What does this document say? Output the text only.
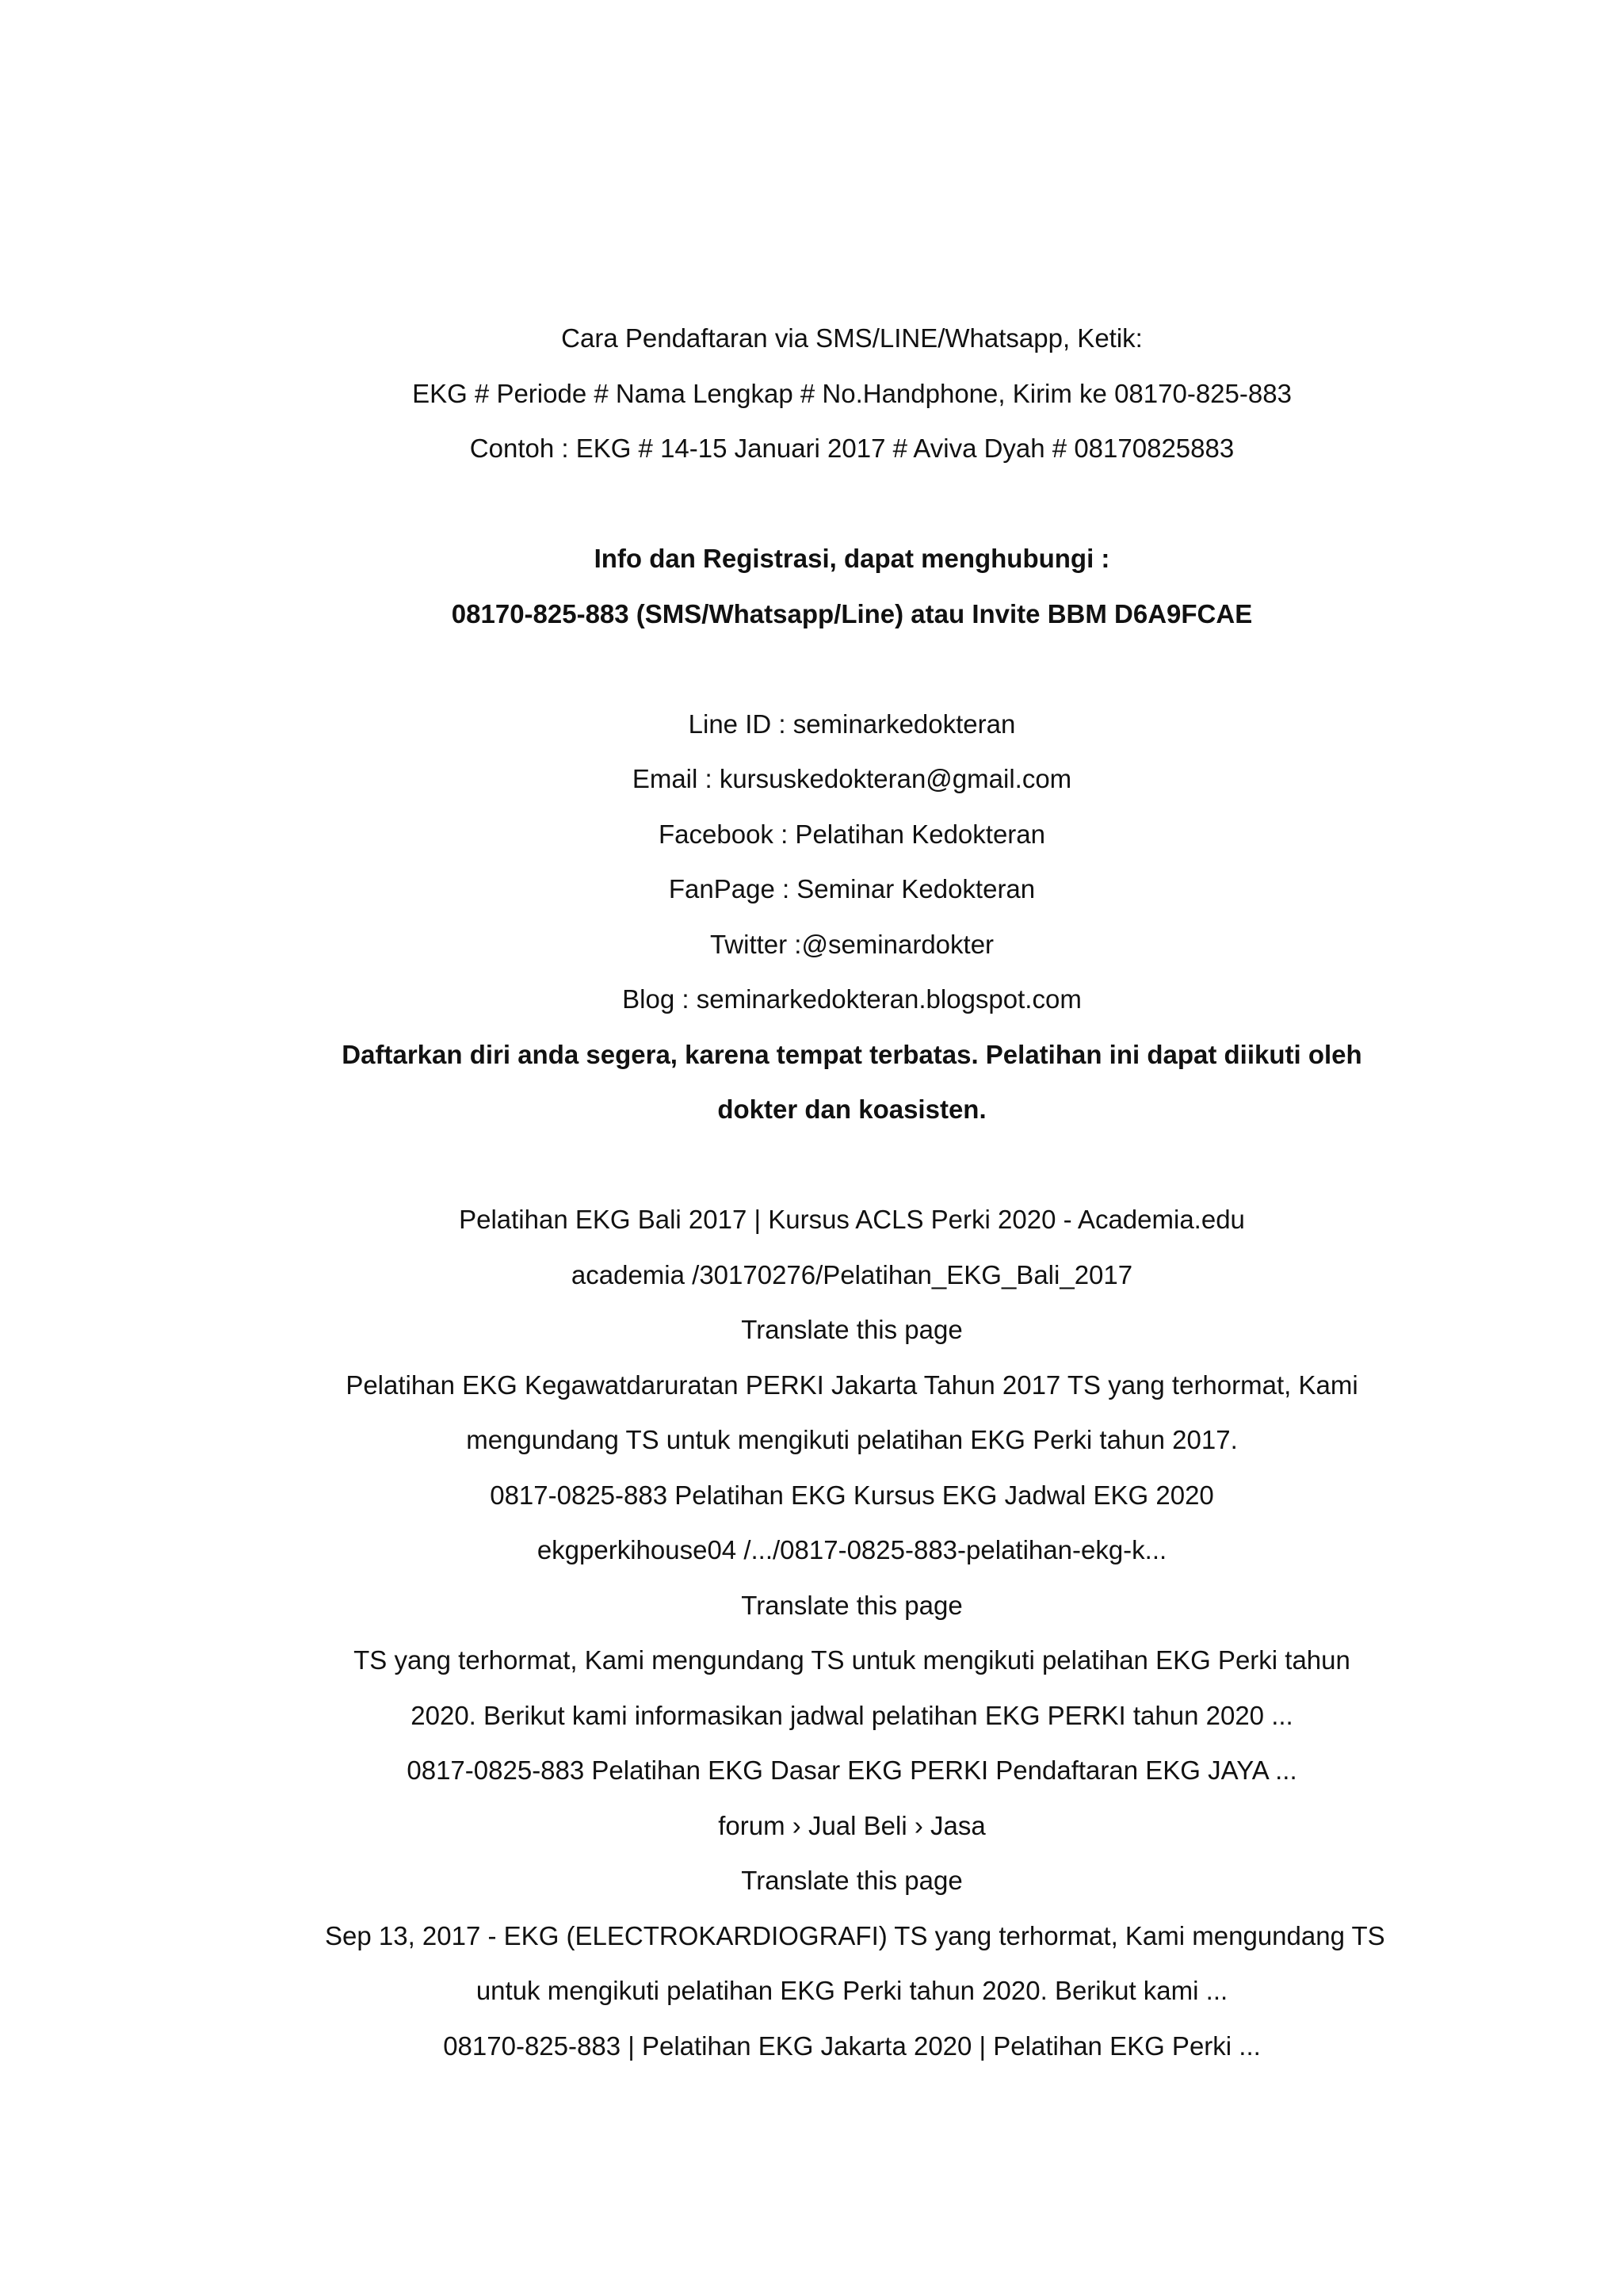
Cara Pendaftaran via SMS/LINE/Whatsapp, Ketik:
EKG # Periode # Nama Lengkap # No.Handphone, Kirim ke 08170-825-883
Contoh : EKG # 14-15 Januari 2017 # Aviva Dyah # 08170825883
Info dan Registrasi, dapat menghubungi :
08170-825-883 (SMS/Whatsapp/Line) atau Invite BBM D6A9FCAE
Line ID : seminarkedokteran
Email : kursuskedokteran@gmail.com
Facebook : Pelatihan Kedokteran
FanPage : Seminar Kedokteran
Twitter :@seminardokter
Blog : seminarkedokteran.blogspot.com
Daftarkan diri anda segera, karena tempat terbatas. Pelatihan ini dapat diikuti oleh
dokter dan koasisten.
Pelatihan EKG Bali 2017 | Kursus ACLS Perki 2020 - Academia.edu
academia /30170276/Pelatihan_EKG_Bali_2017
Translate this page
Pelatihan EKG Kegawatdaruratan PERKI Jakarta Tahun 2017 TS yang terhormat, Kami
mengundang TS untuk mengikuti pelatihan EKG Perki tahun 2017.
0817-0825-883 Pelatihan EKG Kursus EKG Jadwal EKG 2020
ekgperkihouse04 /.../0817-0825-883-pelatihan-ekg-k...
Translate this page
TS yang terhormat, Kami mengundang TS untuk mengikuti pelatihan EKG Perki tahun
2020. Berikut kami informasikan jadwal pelatihan EKG PERKI tahun 2020 ...
0817-0825-883 Pelatihan EKG Dasar EKG PERKI Pendaftaran EKG JAYA ...
forum › Jual Beli › Jasa
Translate this page
Sep 13, 2017 - EKG (ELECTROKARDIOGRAFI) TS yang terhormat, Kami mengundang TS
untuk mengikuti pelatihan EKG Perki tahun 2020. Berikut kami ...
08170-825-883 | Pelatihan EKG Jakarta 2020 | Pelatihan EKG Perki ...
